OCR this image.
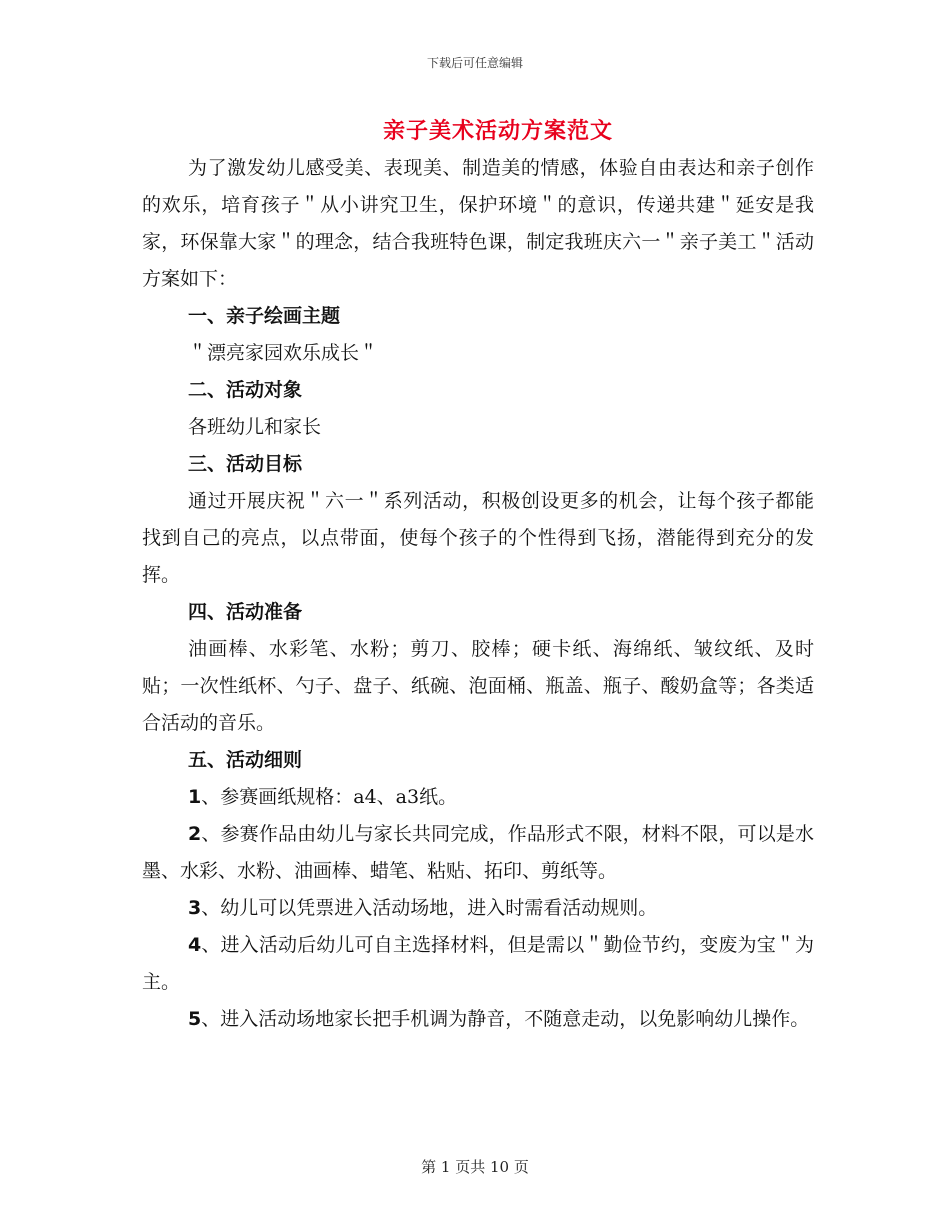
下载后可任意编辑
亲子美术活动方案范文

为了激发幼儿感受美、表现美、制造美的情感，体验自由表达和亲子创作的欢乐，培育孩子＂从小讲究卫生，保护环境＂的意识，传递共建＂延安是我家，环保靠大家＂的理念，结合我班特色课，制定我班庆六一＂亲子美工＂活动方案如下：

一、亲子绘画主题

＂漂亮家园欢乐成长＂

二、活动对象

各班幼儿和家长

三、活动目标

通过开展庆祝＂六一＂系列活动，积极创设更多的机会，让每个孩子都能找到自己的亮点，以点带面，使每个孩子的个性得到飞扬，潜能得到充分的发挥。

四、活动准备

油画棒、水彩笔、水粉；剪刀、胶棒；硬卡纸、海绵纸、皱纹纸、及时贴；一次性纸杯、勺子、盘子、纸碗、泡面桶、瓶盖、瓶子、酸奶盒等；各类适合活动的音乐。

五、活动细则

1、参赛画纸规格：a4、a3纸。

2、参赛作品由幼儿与家长共同完成，作品形式不限，材料不限，可以是水墨、水彩、水粉、油画棒、蜡笔、粘贴、拓印、剪纸等。

3、幼儿可以凭票进入活动场地，进入时需看活动规则。

4、进入活动后幼儿可自主选择材料，但是需以＂勤俭节约，变废为宝＂为主。

5、进入活动场地家长把手机调为静音，不随意走动，以免影响幼儿操作。

第 1 页共 10 页
